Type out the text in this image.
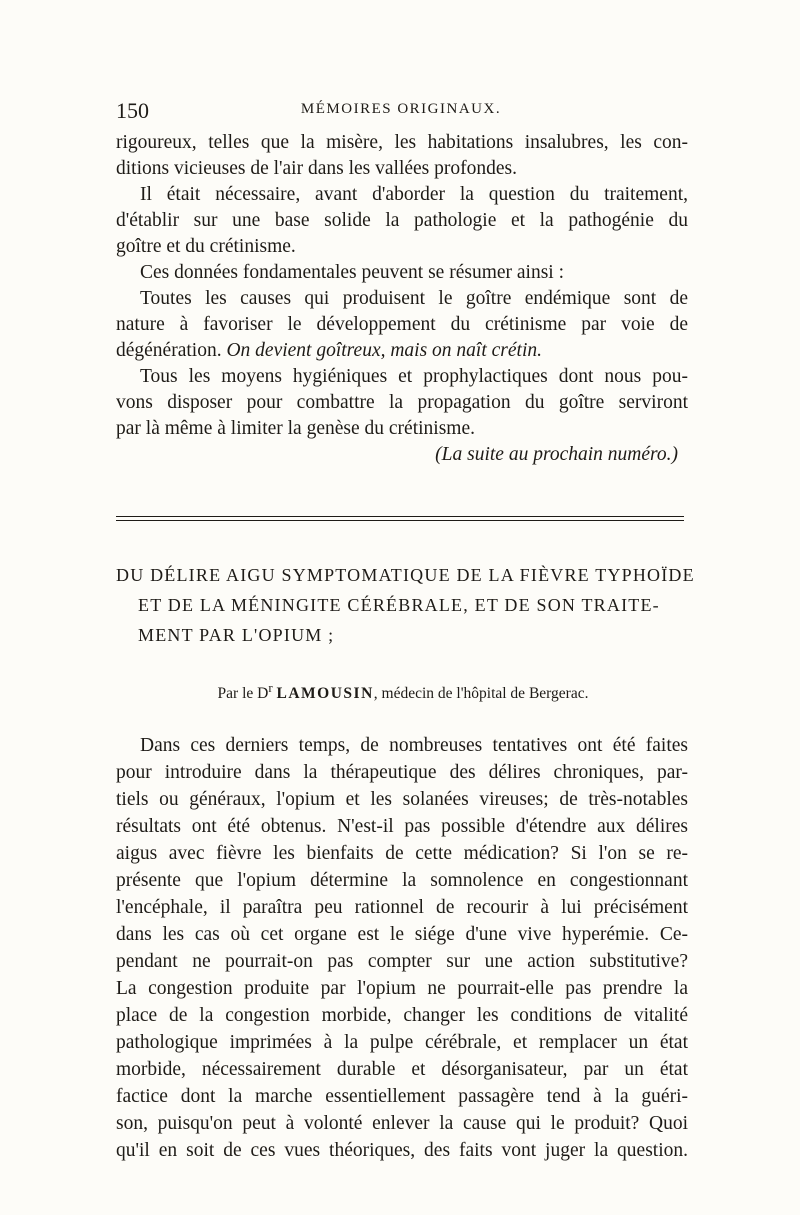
150	MÉMOIRES ORIGINAUX.
rigoureux, telles que la misère, les habitations insalubres, les con-
ditions vicieuses de l'air dans les vallées profondes.
Il était nécessaire, avant d'aborder la question du traitement,
d'établir sur une base solide la pathologie et la pathogénie du
goître et du crétinisme.
Ces données fondamentales peuvent se résumer ainsi :
Toutes les causes qui produisent le goître endémique sont de
nature à favoriser le développement du crétinisme par voie de
dégénération. On devient goîtreux, mais on naît crétin.
Tous les moyens hygiéniques et prophylactiques dont nous pou-
vons disposer pour combattre la propagation du goître serviront
par là même à limiter la genèse du crétinisme.
(La suite au prochain numéro.)
DU DÉLIRE AIGU SYMPTOMATIQUE DE LA FIÈVRE TYPHOÏDE
ET DE LA MÉNINGITE CÉRÉBRALE, ET DE SON TRAITE-
MENT PAR L'OPIUM ;
Par le $D^r$ LAMOUSIN, médecin de l'hôpital de Bergerac.
Dans ces derniers temps, de nombreuses tentatives ont été faites
pour introduire dans la thérapeutique des délires chroniques, par-
tiels ou généraux, l'opium et les solanées vireuses; de très-notables
résultats ont été obtenus. N'est-il pas possible d'étendre aux délires
aigus avec fièvre les bienfaits de cette médication? Si l'on se re-
présente que l'opium détermine la somnolence en congestionnant
l'encéphale, il paraîtra peu rationnel de recourir à lui précisément
dans les cas où cet organe est le siége d'une vive hyperémie. Ce-
pendant ne pourrait-on pas compter sur une action substitutive?
La congestion produite par l'opium ne pourrait-elle pas prendre la
place de la congestion morbide, changer les conditions de vitalité
pathologique imprimées à la pulpe cérébrale, et remplacer un état
morbide, nécessairement durable et désorganisateur, par un état
factice dont la marche essentiellement passagère tend à la guéri-
son, puisqu'on peut à volonté enlever la cause qui le produit? Quoi
qu'il en soit de ces vues théoriques, des faits vont juger la question.
